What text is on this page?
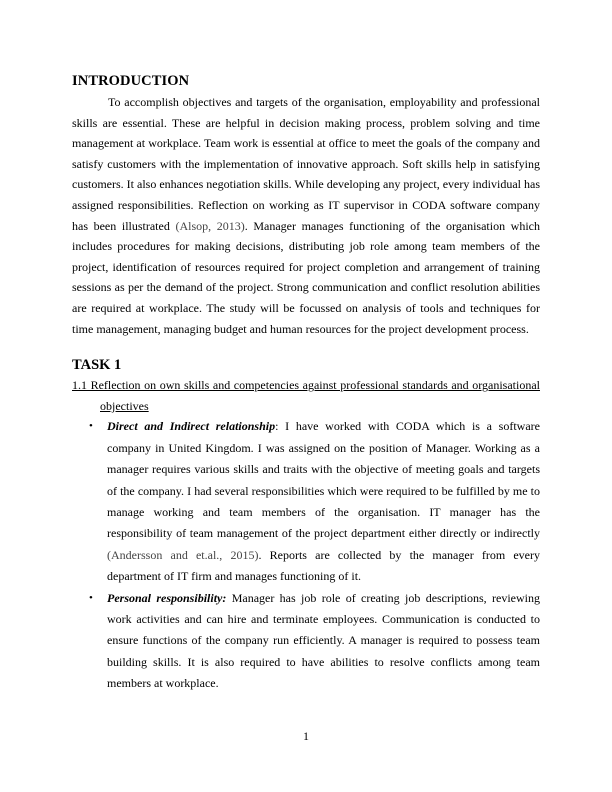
INTRODUCTION

To accomplish objectives and targets of the organisation, employability and professional skills are essential. These are helpful in decision making process, problem solving and time management at workplace. Team work is essential at office to meet the goals of the company and satisfy customers with the implementation of innovative approach. Soft skills help in satisfying customers. It also enhances negotiation skills. While developing any project, every individual has assigned responsibilities. Reflection on working as IT supervisor in CODA software company has been illustrated (Alsop, 2013). Manager manages functioning of the organisation which includes procedures for making decisions, distributing job role among team members of the project, identification of resources required for project completion and arrangement of training sessions as per the demand of the project. Strong communication and conflict resolution abilities are required at workplace. The study will be focussed on analysis of tools and techniques for time management, managing budget and human resources for the project development process.

TASK 1

1.1 Reflection on own skills and competencies against professional standards and organisational objectives

• Direct and Indirect relationship: I have worked with CODA which is a software company in United Kingdom. I was assigned on the position of Manager. Working as a manager requires various skills and traits with the objective of meeting goals and targets of the company. I had several responsibilities which were required to be fulfilled by me to manage working and team members of the organisation. IT manager has the responsibility of team management of the project department either directly or indirectly (Andersson and et.al., 2015). Reports are collected by the manager from every department of IT firm and manages functioning of it.
• Personal responsibility: Manager has job role of creating job descriptions, reviewing work activities and can hire and terminate employees. Communication is conducted to ensure functions of the company run efficiently. A manager is required to possess team building skills. It is also required to have abilities to resolve conflicts among team members at workplace.
1
